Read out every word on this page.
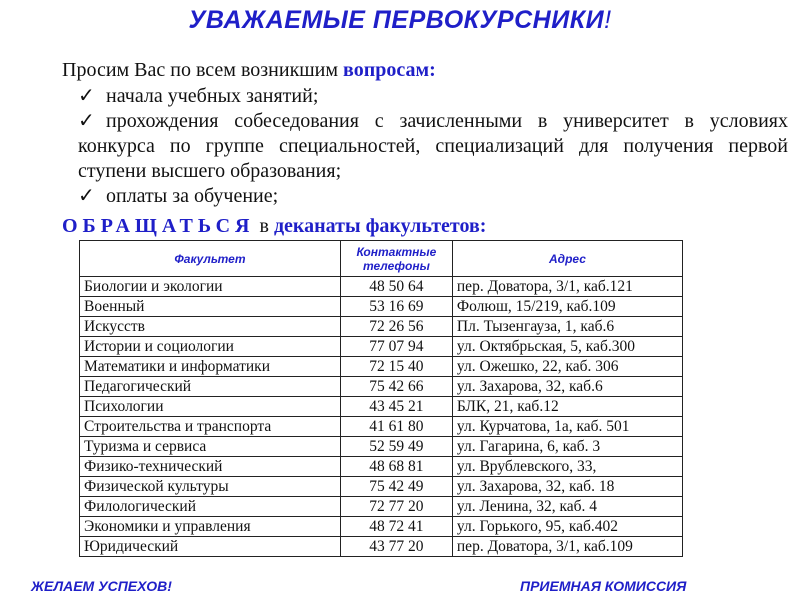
УВАЖАЕМЫЕ ПЕРВОКУРСНИКИ!
Просим Вас по всем возникшим вопросам:
✓ начала учебных занятий;
✓ прохождения собеседования с зачисленными в университет в условиях конкурса по группе специальностей, специализаций для получения первой ступени высшего образования;
✓ оплаты за обучение;
ОБРАЩАТЬСЯ в деканаты факультетов:
Факультет	Контактные телефоны	Адрес
Биологии и экологии	48 50 64	пер. Доватора, 3/1, каб.121
Военный	53 16 69	Фолюш, 15/219, каб.109
Искусств	72 26 56	Пл. Тызенгауза, 1, каб.6
Истории и социологии	77 07 94	ул. Октябрьская, 5, каб.300
Математики и информатики	72 15 40	ул. Ожешко, 22, каб. 306
Педагогический	75 42 66	ул. Захарова, 32, каб.6
Психологии	43 45 21	БЛК, 21, каб.12
Строительства и транспорта	41 61 80	ул. Курчатова, 1а, каб. 501
Туризма и сервиса	52 59 49	ул. Гагарина, 6, каб. 3
Физико-технический	48 68 81	ул. Врублевского, 33,
Физической культуры	75 42 49	ул. Захарова, 32, каб. 18
Филологический	72 77 20	ул. Ленина, 32, каб. 4
Экономики и управления	48 72 41	ул. Горького, 95, каб.402
Юридический	43 77 20	пер. Доватора, 3/1, каб.109
ЖЕЛАЕМ УСПЕХОВ!	ПРИЕМНАЯ КОМИССИЯ
